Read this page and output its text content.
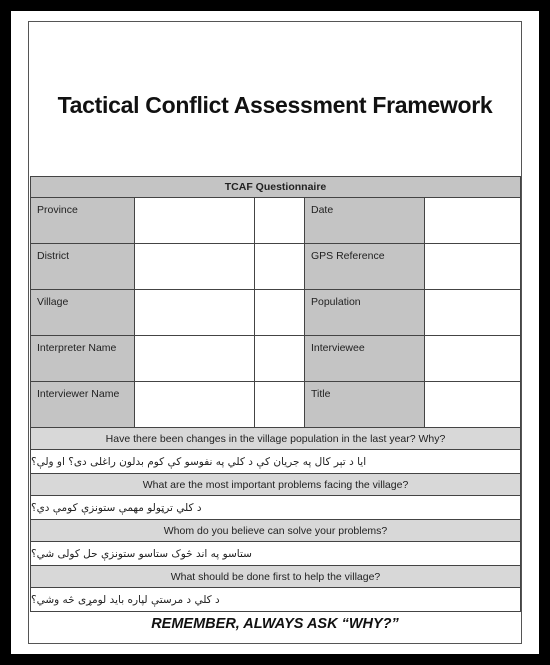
Tactical Conflict Assessment Framework
TCAF Questionnaire				

Province			Date	

District			GPS Reference	

Village			Population	

Interpreter Name			Interviewee	

Interviewer Name			Title	

Have there been changes in the village population in the last year? Why?				

ایا د تېر کال په جریان کې د کلي په نفوسو کې کوم بدلون راغلی دی؟ او ولې؟				

What are the most important problems facing the village?				

د کلي ترټولو مهمې ستونزې کومې دي؟				

Whom do you believe can solve your problems?				

ستاسو په اند څوک ستاسو ستونزې حل کولی شي؟				

What should be done first to help the village?				

د کلي د مرستې لپاره باید لومړی څه وشي؟				
REMEMBER, ALWAYS ASK “WHY?”
